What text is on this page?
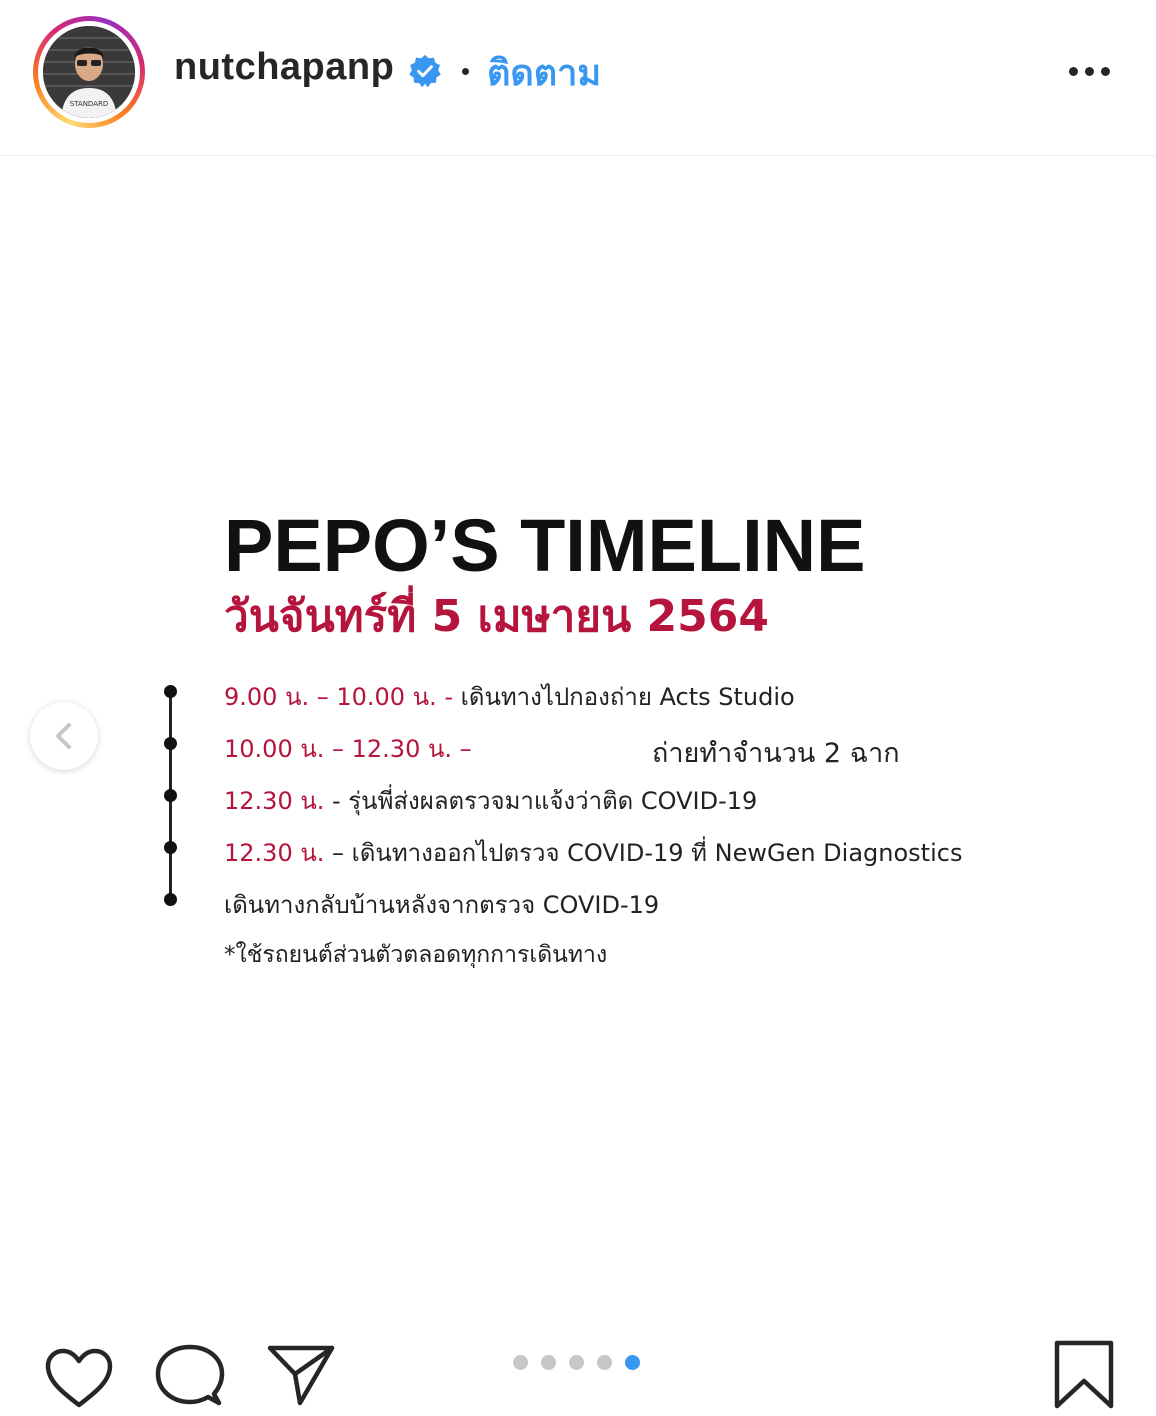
STANDARD
nutchapanp	ติดตาม
PEPO’S TIMELINE
วันจันทร์ที่ 5 เมษายน 2564
9.00 น. – 10.00 น. - เดินทางไปกองถ่าย Acts Studio
10.00 น. – 12.30 น. –	ถ่ายทำจำนวน 2 ฉาก
12.30 น. - รุ่นพี่ส่งผลตรวจมาแจ้งว่าติด COVID-19
12.30 น. – เดินทางออกไปตรวจ COVID-19 ที่ NewGen Diagnostics
เดินทางกลับบ้านหลังจากตรวจ COVID-19
*ใช้รถยนต์ส่วนตัวตลอดทุกการเดินทาง
